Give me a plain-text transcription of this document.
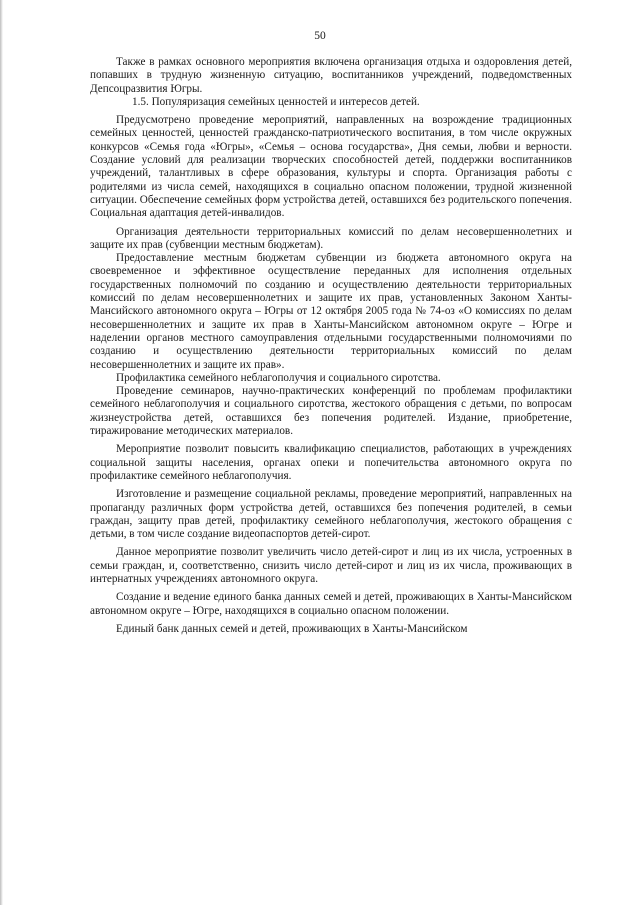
50

Также в рамках основного мероприятия включена организация отдыха и оздоровления детей, попавших в трудную жизненную ситуацию, воспитанников учреждений, подведомственных Депсоцразвития Югры.

1.5. Популяризация семейных ценностей и интересов детей.

Предусмотрено проведение мероприятий, направленных на возрождение традиционных семейных ценностей, ценностей гражданско-патриотического воспитания, в том числе окружных конкурсов «Семья года «Югры», «Семья – основа государства», Дня семьи, любви и верности. Создание условий для реализации творческих способностей детей, поддержки воспитанников учреждений, талантливых в сфере образования, культуры и спорта. Организация работы с родителями из числа семей, находящихся в социально опасном положении, трудной жизненной ситуации. Обеспечение семейных форм устройства детей, оставшихся без родительского попечения. Социальная адаптация детей-инвалидов.

Организация деятельности территориальных комиссий по делам несовершеннолетних и защите их прав (субвенции местным бюджетам).

Предоставление местным бюджетам субвенции из бюджета автономного округа на своевременное и эффективное осуществление переданных для исполнения отдельных государственных полномочий по созданию и осуществлению деятельности территориальных комиссий по делам несовершеннолетних и защите их прав, установленных Законом Ханты-Мансийского автономного округа – Югры от 12 октября 2005 года № 74-оз «О комиссиях по делам несовершеннолетних и защите их прав в Ханты-Мансийском автономном округе – Югре и наделении органов местного самоуправления отдельными государственными полномочиями по созданию и осуществлению деятельности территориальных комиссий по делам несовершеннолетних и защите их прав».

Профилактика семейного неблагополучия и социального сиротства.

Проведение семинаров, научно-практических конференций по проблемам профилактики семейного неблагополучия и социального сиротства, жестокого обращения с детьми, по вопросам жизнеустройства детей, оставшихся без попечения родителей. Издание, приобретение, тиражирование методических материалов.

Мероприятие позволит повысить квалификацию специалистов, работающих в учреждениях социальной защиты населения, органах опеки и попечительства автономного округа по профилактике семейного неблагополучия.

Изготовление и размещение социальной рекламы, проведение мероприятий, направленных на пропаганду различных форм устройства детей, оставшихся без попечения родителей, в семьи граждан, защиту прав детей, профилактику семейного неблагополучия, жестокого обращения с детьми, в том числе создание видеопаспортов детей-сирот.

Данное мероприятие позволит увеличить число детей-сирот и лиц из их числа, устроенных в семьи граждан, и, соответственно, снизить число детей-сирот и лиц из их числа, проживающих в интернатных учреждениях автономного округа.

Создание и ведение единого банка данных семей и детей, проживающих в Ханты-Мансийском автономном округе – Югре, находящихся в социально опасном положении.

Единый банк данных семей и детей, проживающих в Ханты-Мансийском
